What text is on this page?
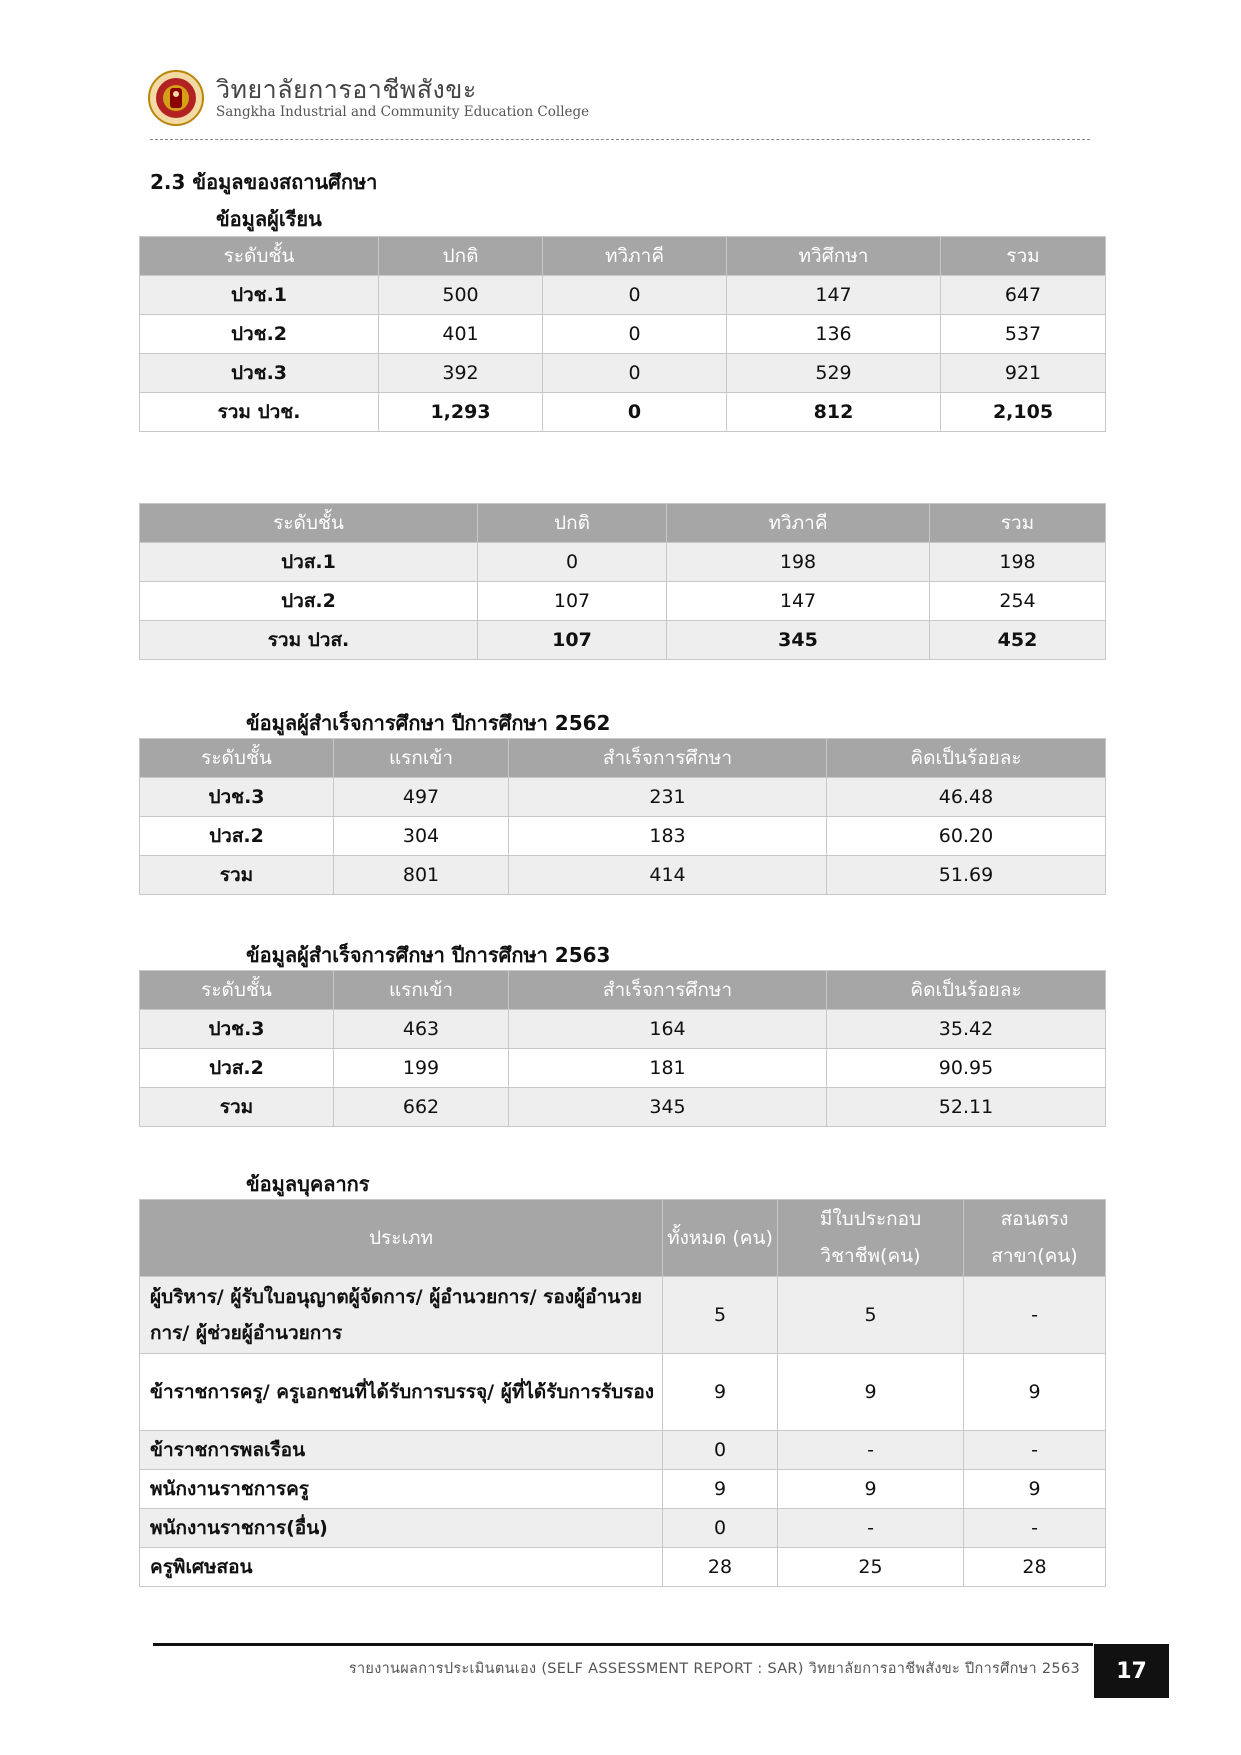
วิทยาลัยการอาชีพสังขะ
Sangkha Industrial and Community Education College
2.3 ข้อมูลของสถานศึกษา
ข้อมูลผู้เรียน
ระดับชั้น	ปกติ	ทวิภาคี	ทวิศึกษา	รวม
ปวช.1	500	0	147	647
ปวช.2	401	0	136	537
ปวช.3	392	0	529	921
รวม ปวช.	1,293	0	812	2,105
ระดับชั้น	ปกติ	ทวิภาคี	รวม
ปวส.1	0	198	198
ปวส.2	107	147	254
รวม ปวส.	107	345	452
ข้อมูลผู้สำเร็จการศึกษา ปีการศึกษา 2562
ระดับชั้น	แรกเข้า	สำเร็จการศึกษา	คิดเป็นร้อยละ
ปวช.3	497	231	46.48
ปวส.2	304	183	60.20
รวม	801	414	51.69
ข้อมูลผู้สำเร็จการศึกษา ปีการศึกษา 2563
ระดับชั้น	แรกเข้า	สำเร็จการศึกษา	คิดเป็นร้อยละ
ปวช.3	463	164	35.42
ปวส.2	199	181	90.95
รวม	662	345	52.11
ข้อมูลบุคลากร
ประเภท	ทั้งหมด (คน)	มีใบประกอบ วิชาชีพ(คน)	สอนตรง สาขา(คน)
ผู้บริหาร/ ผู้รับใบอนุญาตผู้จัดการ/ ผู้อำนวยการ/ รองผู้อำนวยการ/ ผู้ช่วยผู้อำนวยการ	5	5	-
ข้าราชการครู/ ครูเอกชนที่ได้รับการบรรจุ/ ผู้ที่ได้รับการรับรอง	9	9	9
ข้าราชการพลเรือน	0	-	-
พนักงานราชการครู	9	9	9
พนักงานราชการ(อื่น)	0	-	-
ครูพิเศษสอน	28	25	28
รายงานผลการประเมินตนเอง (SELF ASSESSMENT REPORT : SAR) วิทยาลัยการอาชีพสังขะ ปีการศึกษา 2563	17
